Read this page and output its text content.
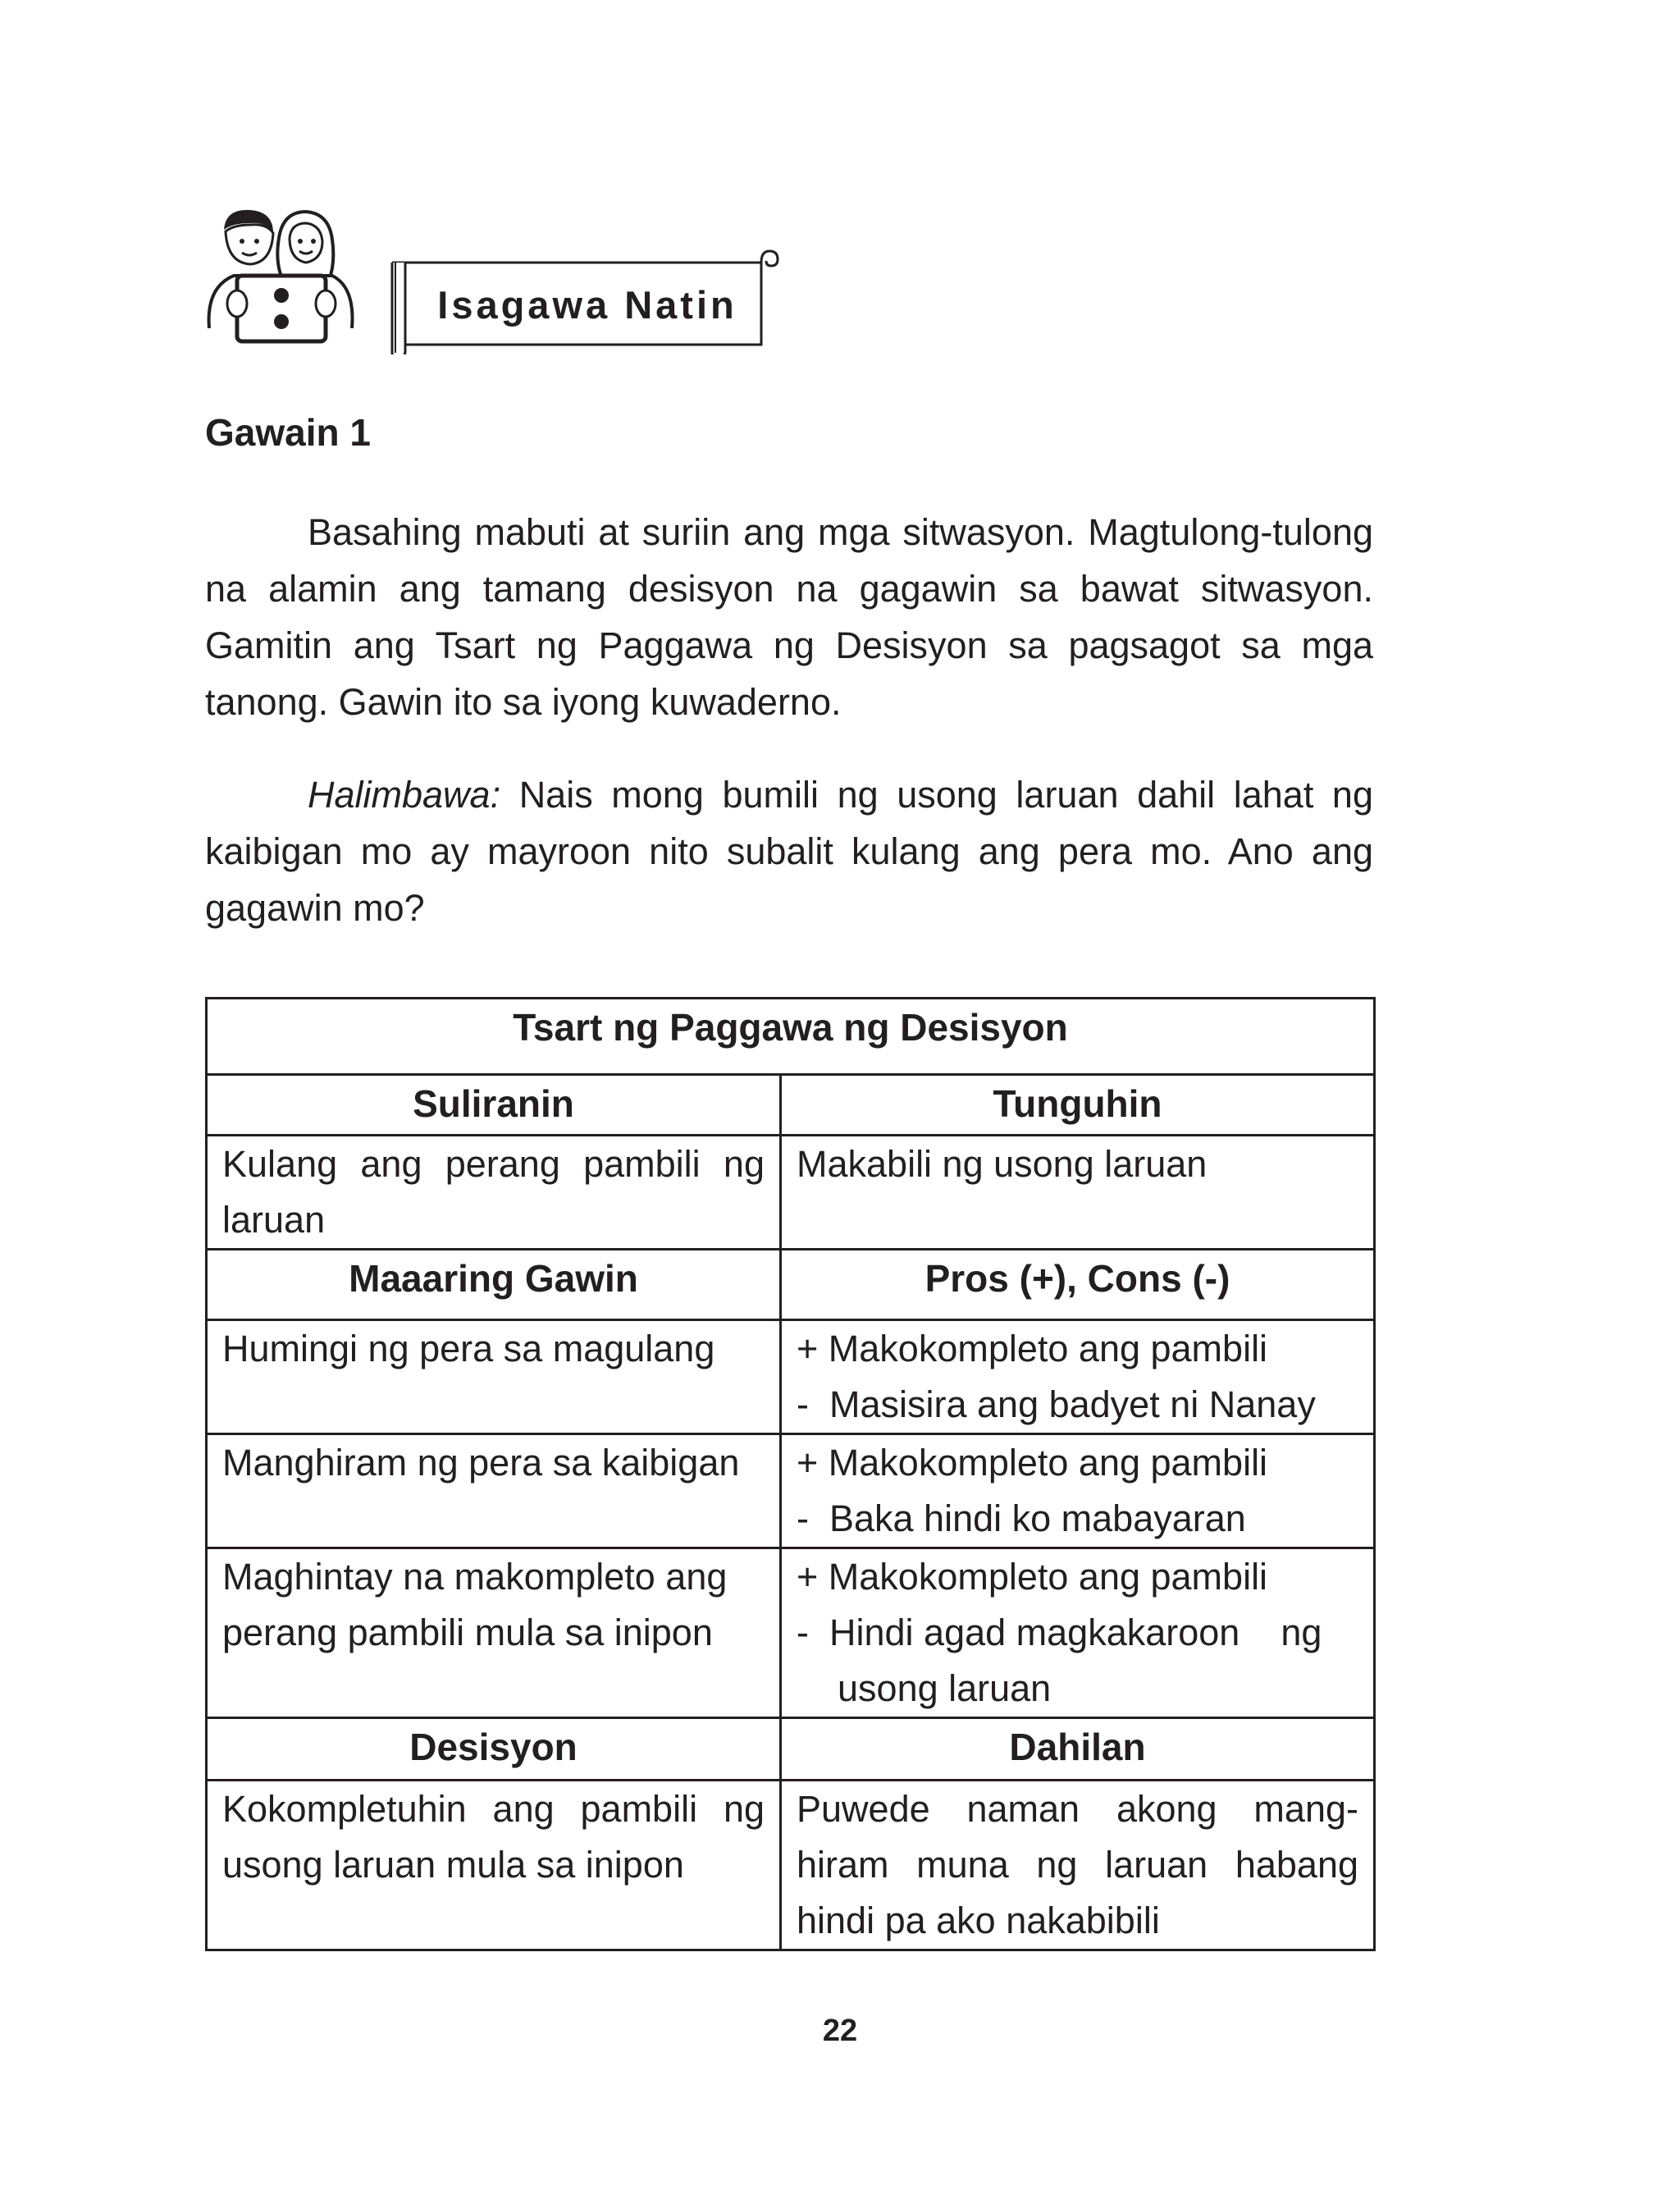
Isagawa Natin
Gawain 1
Basahing mabuti at suriin ang mga sitwasyon. Magtulong-tulong na alamin ang tamang desisyon na gagawin sa bawat sitwasyon. Gamitin ang Tsart ng Paggawa ng Desisyon sa pagsagot sa mga tanong. Gawin ito sa iyong kuwaderno.
Halimbawa: Nais mong bumili ng usong laruan dahil lahat ng kaibigan mo ay mayroon nito subalit kulang ang pera mo. Ano ang gagawin mo?
Tsart ng Paggawa ng Desisyon	
Suliranin	Tunguhin
Kulang ang perang pambili ng laruan	Makabili ng usong laruan
Maaaring Gawin	Pros (+), Cons (-)
Humingi ng pera sa magulang	+ Makokompleto ang pambili
-  Masisira ang badyet ni Nanay

Manghiram ng pera sa kaibigan	+ Makokompleto ang pambili
-  Baka hindi ko mabayaran

Maghintay na makompleto ang perang pambili mula sa inipon	+ Makokompleto ang pambili
-  Hindi agad magkakaroon    ng
usong laruan

Desisyon	Dahilan
Kokompletuhin ang pambili ng usong laruan mula sa inipon	Puwede naman akong mang-hiram muna ng laruan habang hindi pa ako nakabibili
22
